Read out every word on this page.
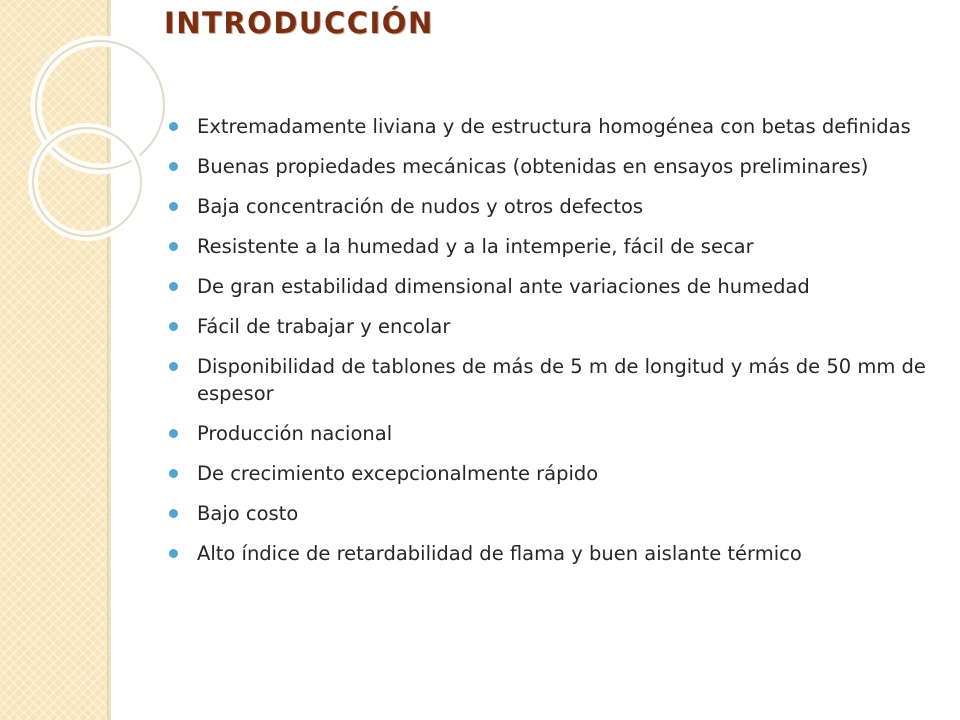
INTRODUCCIÓN
Extremadamente liviana y de estructura homogénea con betas definidas
Buenas propiedades mecánicas (obtenidas en ensayos preliminares)
Baja concentración de nudos y otros defectos
Resistente a la humedad y a la intemperie, fácil de secar
De gran estabilidad dimensional ante variaciones de humedad
Fácil de trabajar y encolar
Disponibilidad de tablones de más de 5 m de longitud y más de 50 mm de espesor
Producción nacional
De crecimiento excepcionalmente rápido
Bajo costo
Alto índice de retardabilidad de flama y buen aislante térmico
